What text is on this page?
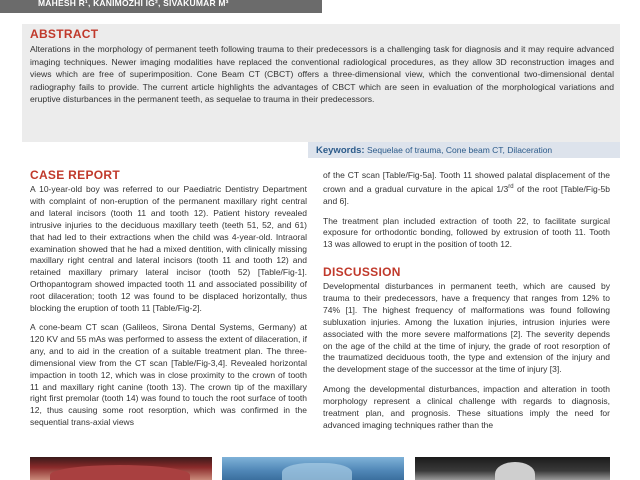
MAHESH R¹, KANIMOZHI IG², SIVAKUMAR M³
ABSTRACT
Alterations in the morphology of permanent teeth following trauma to their predecessors is a challenging task for diagnosis and it may require advanced imaging techniques. Newer imaging modalities have replaced the conventional radiological procedures, as they allow 3D reconstruction images and views which are free of superimposition. Cone Beam CT (CBCT) offers a three-dimensional view, which the conventional two-dimensional dental radiography fails to provide. The current article highlights the advantages of CBCT which are seen in evaluation of the morphological variations and eruptive disturbances in the permanent teeth, as sequelae to trauma in their predecessors.
Keywords: Sequelae of trauma, Cone beam CT, Dilaceration
CASE REPORT

A 10-year-old boy was referred to our Paediatric Dentistry Department with complaint of non-eruption of the permanent maxillary right central and lateral incisors (tooth 11 and tooth 12). Patient history revealed intrusive injuries to the deciduous maxillary teeth (teeth 51, 52, and 61) that had led to their extractions when the child was 4-year-old. Intraoral examination showed that he had a mixed dentition, with clinically missing maxillary right central and lateral incisors (tooth 11 and tooth 12) and retained maxillary primary lateral incisor (tooth 52) [Table/Fig-1]. Orthopantogram showed impacted tooth 11 and associated possibility of root dilaceration; tooth 12 was found to be displaced horizontally, thus blocking the eruption of tooth 11 [Table/Fig-2].

A cone-beam CT scan (Galileos, Sirona Dental Systems, Germany) at 120 KV and 55 mAs was performed to assess the extent of dilaceration, if any, and to aid in the creation of a suitable treatment plan. The three-dimensional view from the CT scan [Table/Fig-3,4]. Revealed horizontal impaction in tooth 12, which was in close proximity to the crown of tooth 11 and maxillary right canine (tooth 13). The crown tip of the maxillary right first premolar (tooth 14) was found to touch the root surface of tooth 12, thus causing some root resorption, which was confirmed in the sequential trans-axial views

of the CT scan [Table/Fig-5a]. Tooth 11 showed palatal displacement of the crown and a gradual curvature in the apical 1/3rd of the root [Table/Fig-5b and 6].

The treatment plan included extraction of tooth 22, to facilitate surgical exposure for orthodontic bonding, followed by extrusion of tooth 11. Tooth 13 was allowed to erupt in the position of tooth 12.

DISCUSSION

Developmental disturbances in permanent teeth, which are caused by trauma to their predecessors, have a frequency that ranges from 12% to 74% [1]. The highest frequency of malformations was found following subluxation injuries. Among the luxation injuries, intrusion injuries were associated with the more severe malformations [2]. The severity depends on the age of the child at the time of injury, the grade of root resorption of the traumatized deciduous tooth, the type and extension of the injury and the development stage of the successor at the time of injury [3].

Among the developmental disturbances, impaction and alteration in tooth morphology represent a clinical challenge with regards to diagnosis, treatment plan, and prognosis. These situations imply the need for advanced imaging techniques rather than the
